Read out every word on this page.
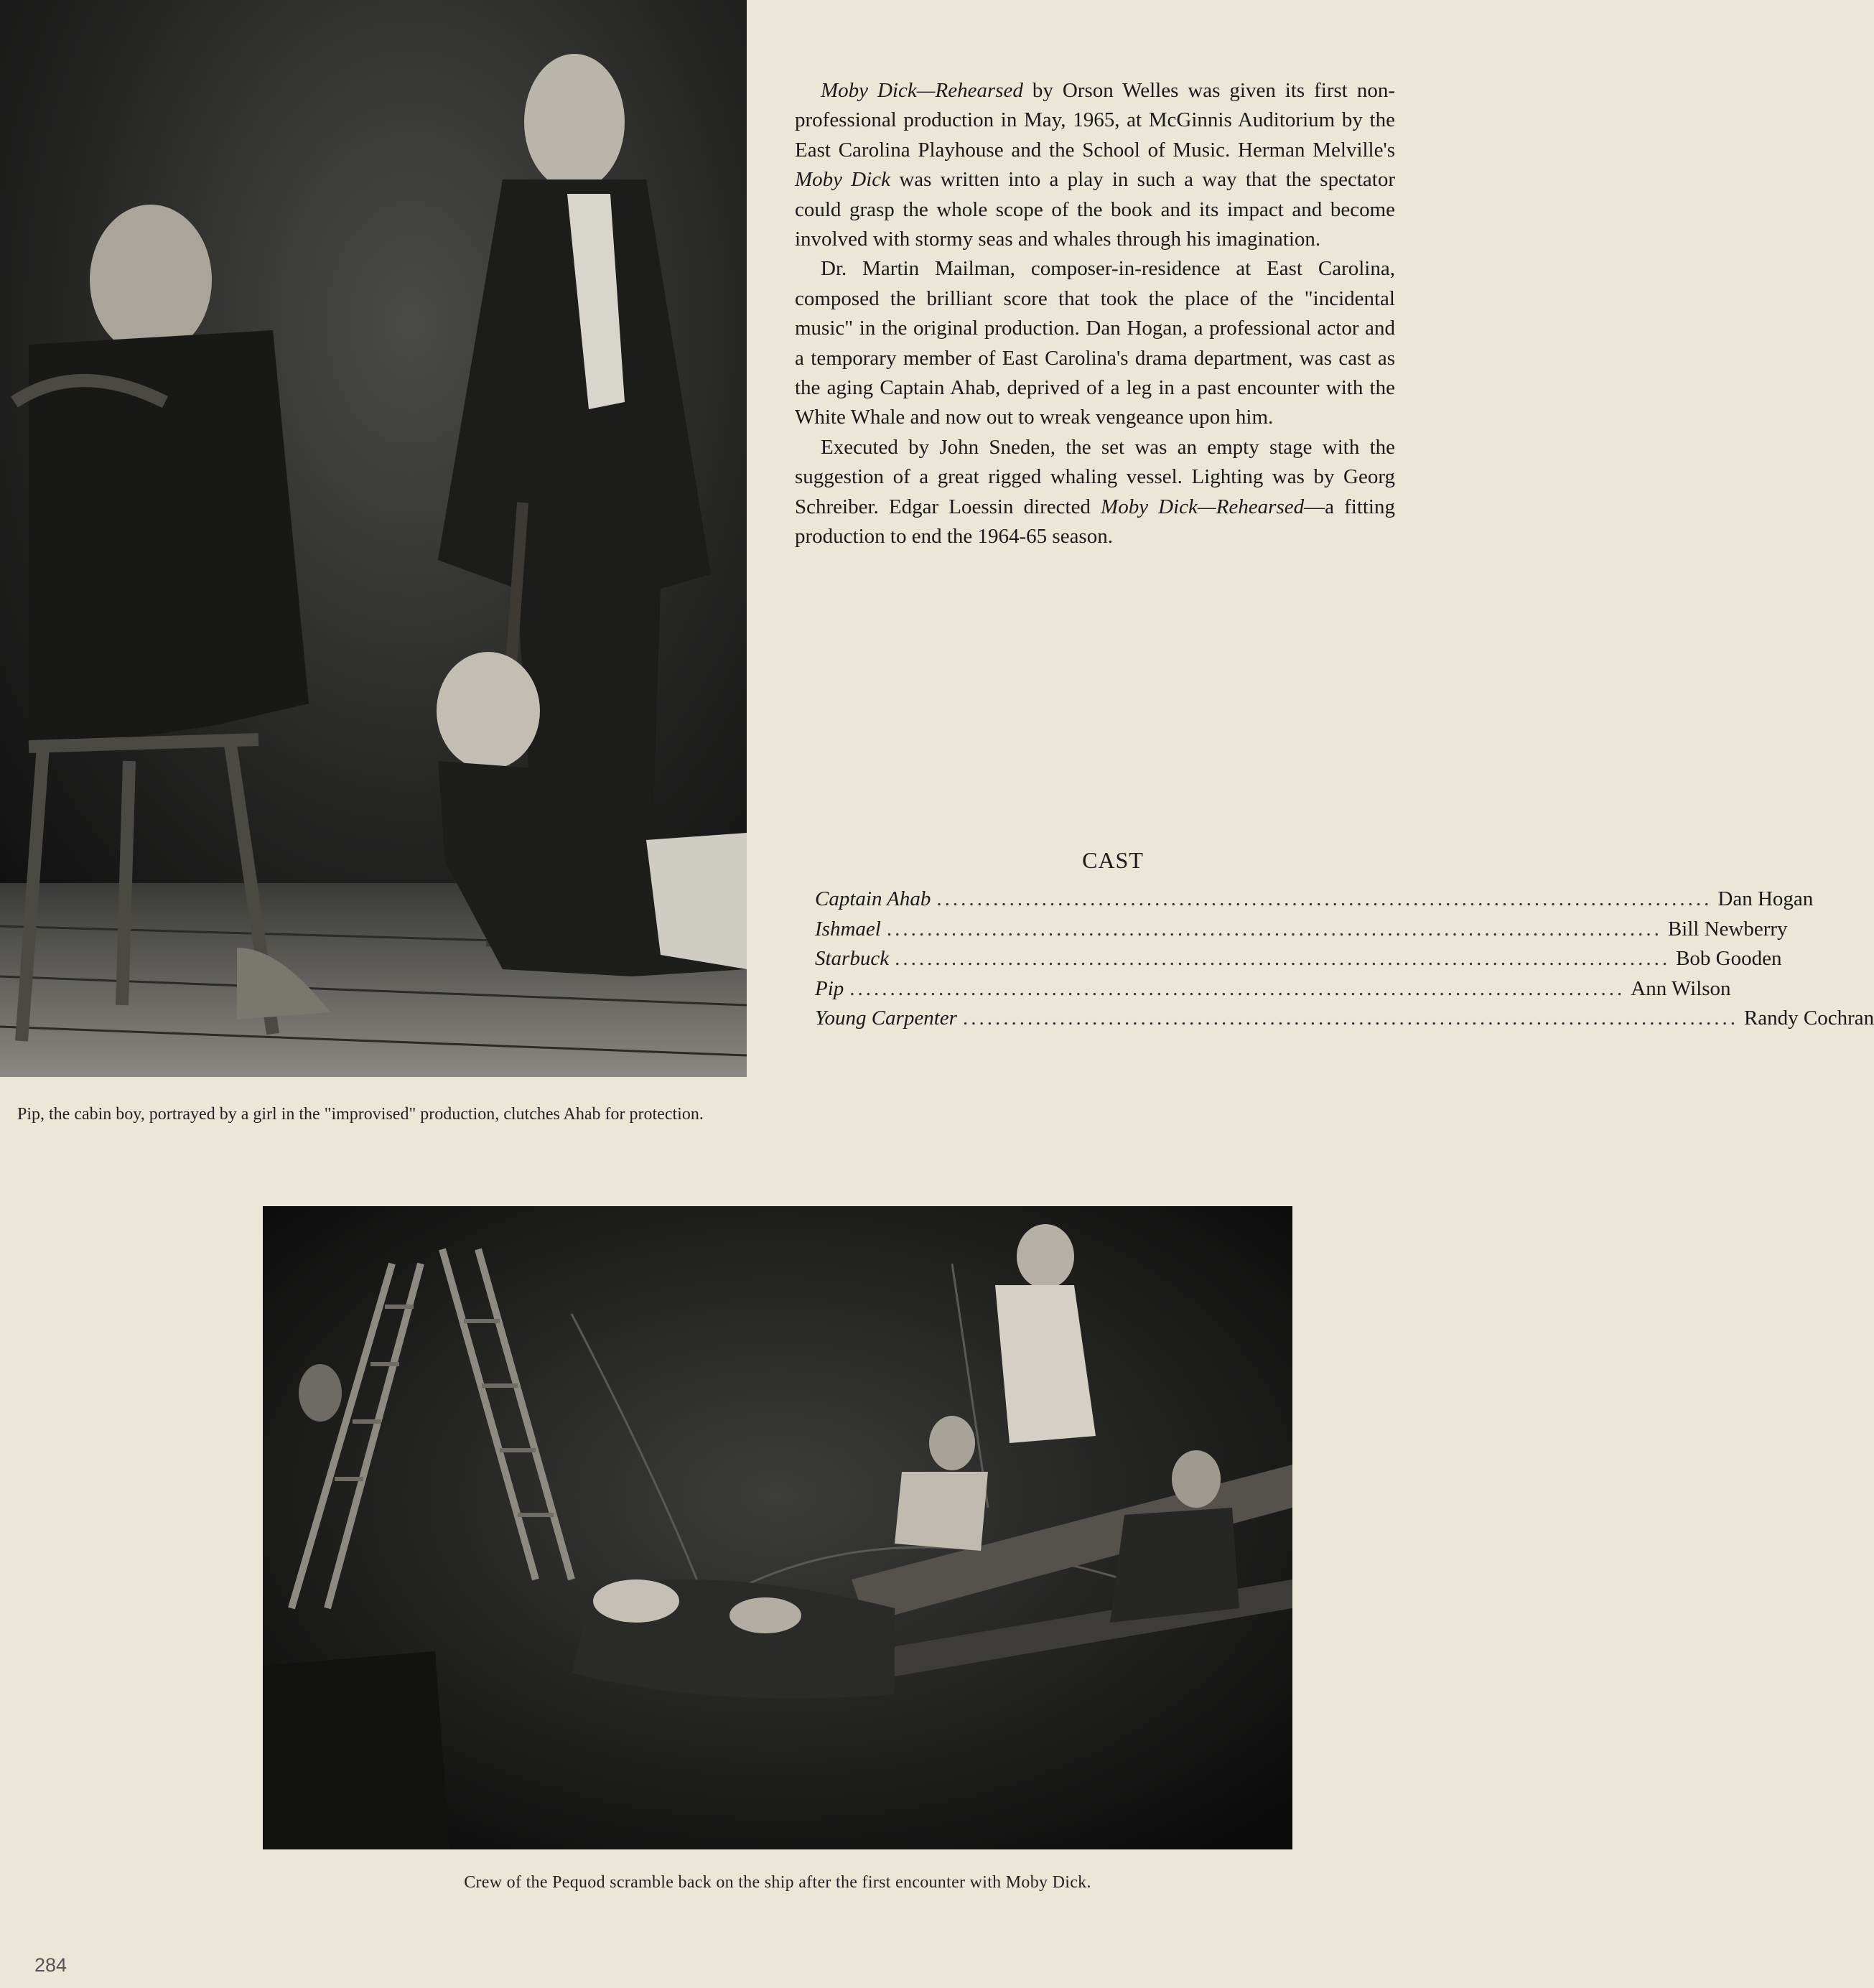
Moby Dick—Rehearsed by Orson Welles was given its first non-professional production in May, 1965, at McGinnis Auditorium by the East Carolina Playhouse and the School of Music. Herman Melville's Moby Dick was written into a play in such a way that the spectator could grasp the whole scope of the book and its impact and become involved with stormy seas and whales through his imagination.

Dr. Martin Mailman, composer-in-residence at East Carolina, composed the brilliant score that took the place of the "incidental music" in the original production. Dan Hogan, a professional actor and a temporary member of East Carolina's drama department, was cast as the aging Captain Ahab, deprived of a leg in a past encounter with the White Whale and now out to wreak vengeance upon him.

Executed by John Sneden, the set was an empty stage with the suggestion of a great rigged whaling vessel. Lighting was by Georg Schreiber. Edgar Loessin directed Moby Dick—Rehearsed—a fitting production to end the 1964-65 season.

CAST
Captain Ahab ................................................................................................ Dan Hogan
Ishmael ................................................................................................ Bill Newberry
Starbuck ................................................................................................ Bob Gooden
Pip ................................................................................................ Ann Wilson
Young Carpenter ................................................................................................ Randy Cochran
Pip, the cabin boy, portrayed by a girl in the "improvised" production, clutches Ahab for protection.
Crew of the Pequod scramble back on the ship after the first encounter with Moby Dick.
284
